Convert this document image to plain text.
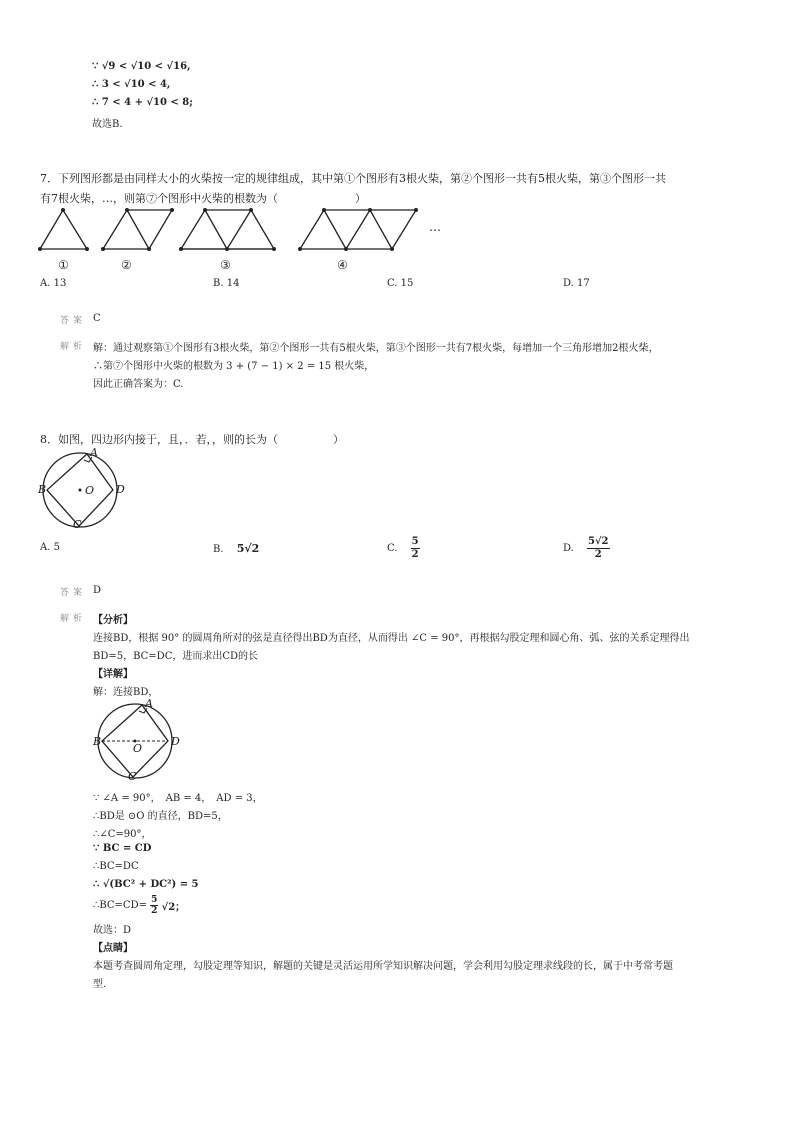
∵ √9 < √10 < √16,
∴ 3 < √10 < 4,
∴ 7 < 4 + √10 < 8;
故选B.
7．下列图形都是由同样大小的火柴按一定的规律组成，其中第①个图形有3根火柴，第②个图形一共有5根火柴，第③个图形一共
有7根火柴，…，则第⑦个图形中火柴的根数为（　　　　　　　）
…
①	②	③	④
A. 13	B. 14	C. 15	D. 17
答案 C
解析 解：通过观察第①个图形有3根火柴，第②个图形一共有5根火柴，第③个图形一共有7根火柴，每增加一个三角形增加2根火柴，
∴第⑦个图形中火柴的根数为 3 + (7 − 1) × 2 = 15 根火柴，
因此正确答案为：C.
8．如图，四边形内接于，且，．若，，则的长为（　　　　　）
A
B	O D
C
A. 5	B. 5√2	C. $\frac{5}{2}$	D. $\frac{5√2}{2}$
答案 D
解析 【分析】
连接BD，根据 90° 的圆周角所对的弦是直径得出BD为直径，从而得出 ∠C = 90°，再根据勾股定理和圆心角、弧、弦的关系定理得出
BD=5，BC=DC，进而求出CD的长
【详解】
解：连接BD，
A
B
O
D
C
∵ ∠A = 90°，　AB = 4，　AD = 3，
∴BD是 ⊙O 的直径，BD=5，
∴∠C=90°，
∵ BC = CD
∴BC=DC
∴ √(BC² + DC²) = 5
∴BC=CD= $\frac{5}{2} √2$；
故选：D
【点睛】
本题考查圆周角定理，勾股定理等知识，解题的关键是灵活运用所学知识解决问题，学会利用勾股定理求线段的长，属于中考常考题
型.
